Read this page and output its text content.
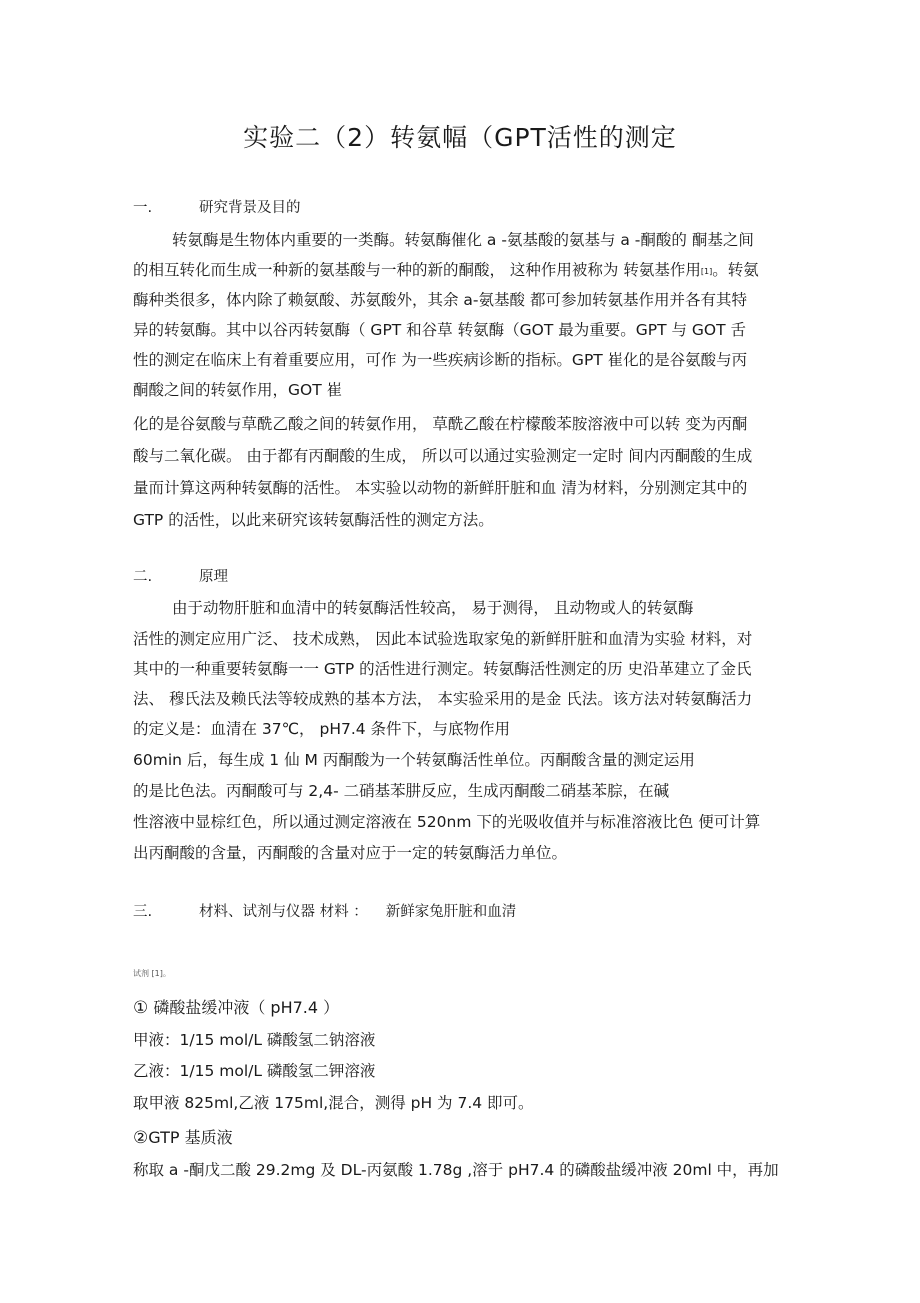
实验二（2）转氨幅（GPT活性的测定
一.	研究背景及目的
转氨酶是生物体内重要的一类酶。转氨酶催化 a -氨基酸的氨基与 a -酮酸的 酮基之间
的相互转化而生成一种新的氨基酸与一种的新的酮酸， 这种作用被称为 转氨基作用[1]。转氨
酶种类很多，体内除了赖氨酸、苏氨酸外，其余 a-氨基酸 都可参加转氨基作用并各有其特
异的转氨酶。其中以谷丙转氨酶（ GPT 和谷草 转氨酶（GOT 最为重要。GPT 与 GOT 舌
性的测定在临床上有着重要应用，可作 为一些疾病诊断的指标。GPT 崔化的是谷氨酸与丙
酮酸之间的转氨作用，GOT 崔
化的是谷氨酸与草酰乙酸之间的转氨作用， 草酰乙酸在柠檬酸苯胺溶液中可以转 变为丙酮
酸与二氧化碳。 由于都有丙酮酸的生成， 所以可以通过实验测定一定时 间内丙酮酸的生成
量而计算这两种转氨酶的活性。 本实验以动物的新鲜肝脏和血 清为材料，分别测定其中的
GTP 的活性，以此来研究该转氨酶活性的测定方法。
二.	原理
由于动物肝脏和血清中的转氨酶活性较高， 易于测得， 且动物或人的转氨酶
活性的测定应用广泛、 技术成熟， 因此本试验选取家兔的新鲜肝脏和血清为实验 材料，对
其中的一种重要转氨酶一一 GTP 的活性进行测定。转氨酶活性测定的历 史沿革建立了金氏
法、 穆氏法及赖氏法等较成熟的基本方法， 本实验采用的是金 氏法。该方法对转氨酶活力
的定义是：血清在 37℃， pH7.4 条件下，与底物作用
60min 后，每生成 1 仙 M 丙酮酸为一个转氨酶活性单位。丙酮酸含量的测定运用
的是比色法。丙酮酸可与 2,4- 二硝基苯肼反应，生成丙酮酸二硝基苯腙，在碱
性溶液中显棕红色，所以通过测定溶液在 520nm 下的光吸收值并与标准溶液比色 便可计算
出丙酮酸的含量，丙酮酸的含量对应于一定的转氨酶活力单位。
三.	材料、试剂与仪器 材料 ： 新鲜家兔肝脏和血清
试剂 [1]。
① 磷酸盐缓冲液（ pH7.4 ）
甲液：1/15 mol/L 磷酸氢二钠溶液
乙液：1/15 mol/L 磷酸氢二钾溶液
取甲液 825ml,乙液 175ml,混合，测得 pH 为 7.4 即可。
②GTP 基质液
称取 a -酮戊二酸 29.2mg 及 DL-丙氨酸 1.78g ,溶于 pH7.4 的磷酸盐缓冲液 20ml 中，再加
